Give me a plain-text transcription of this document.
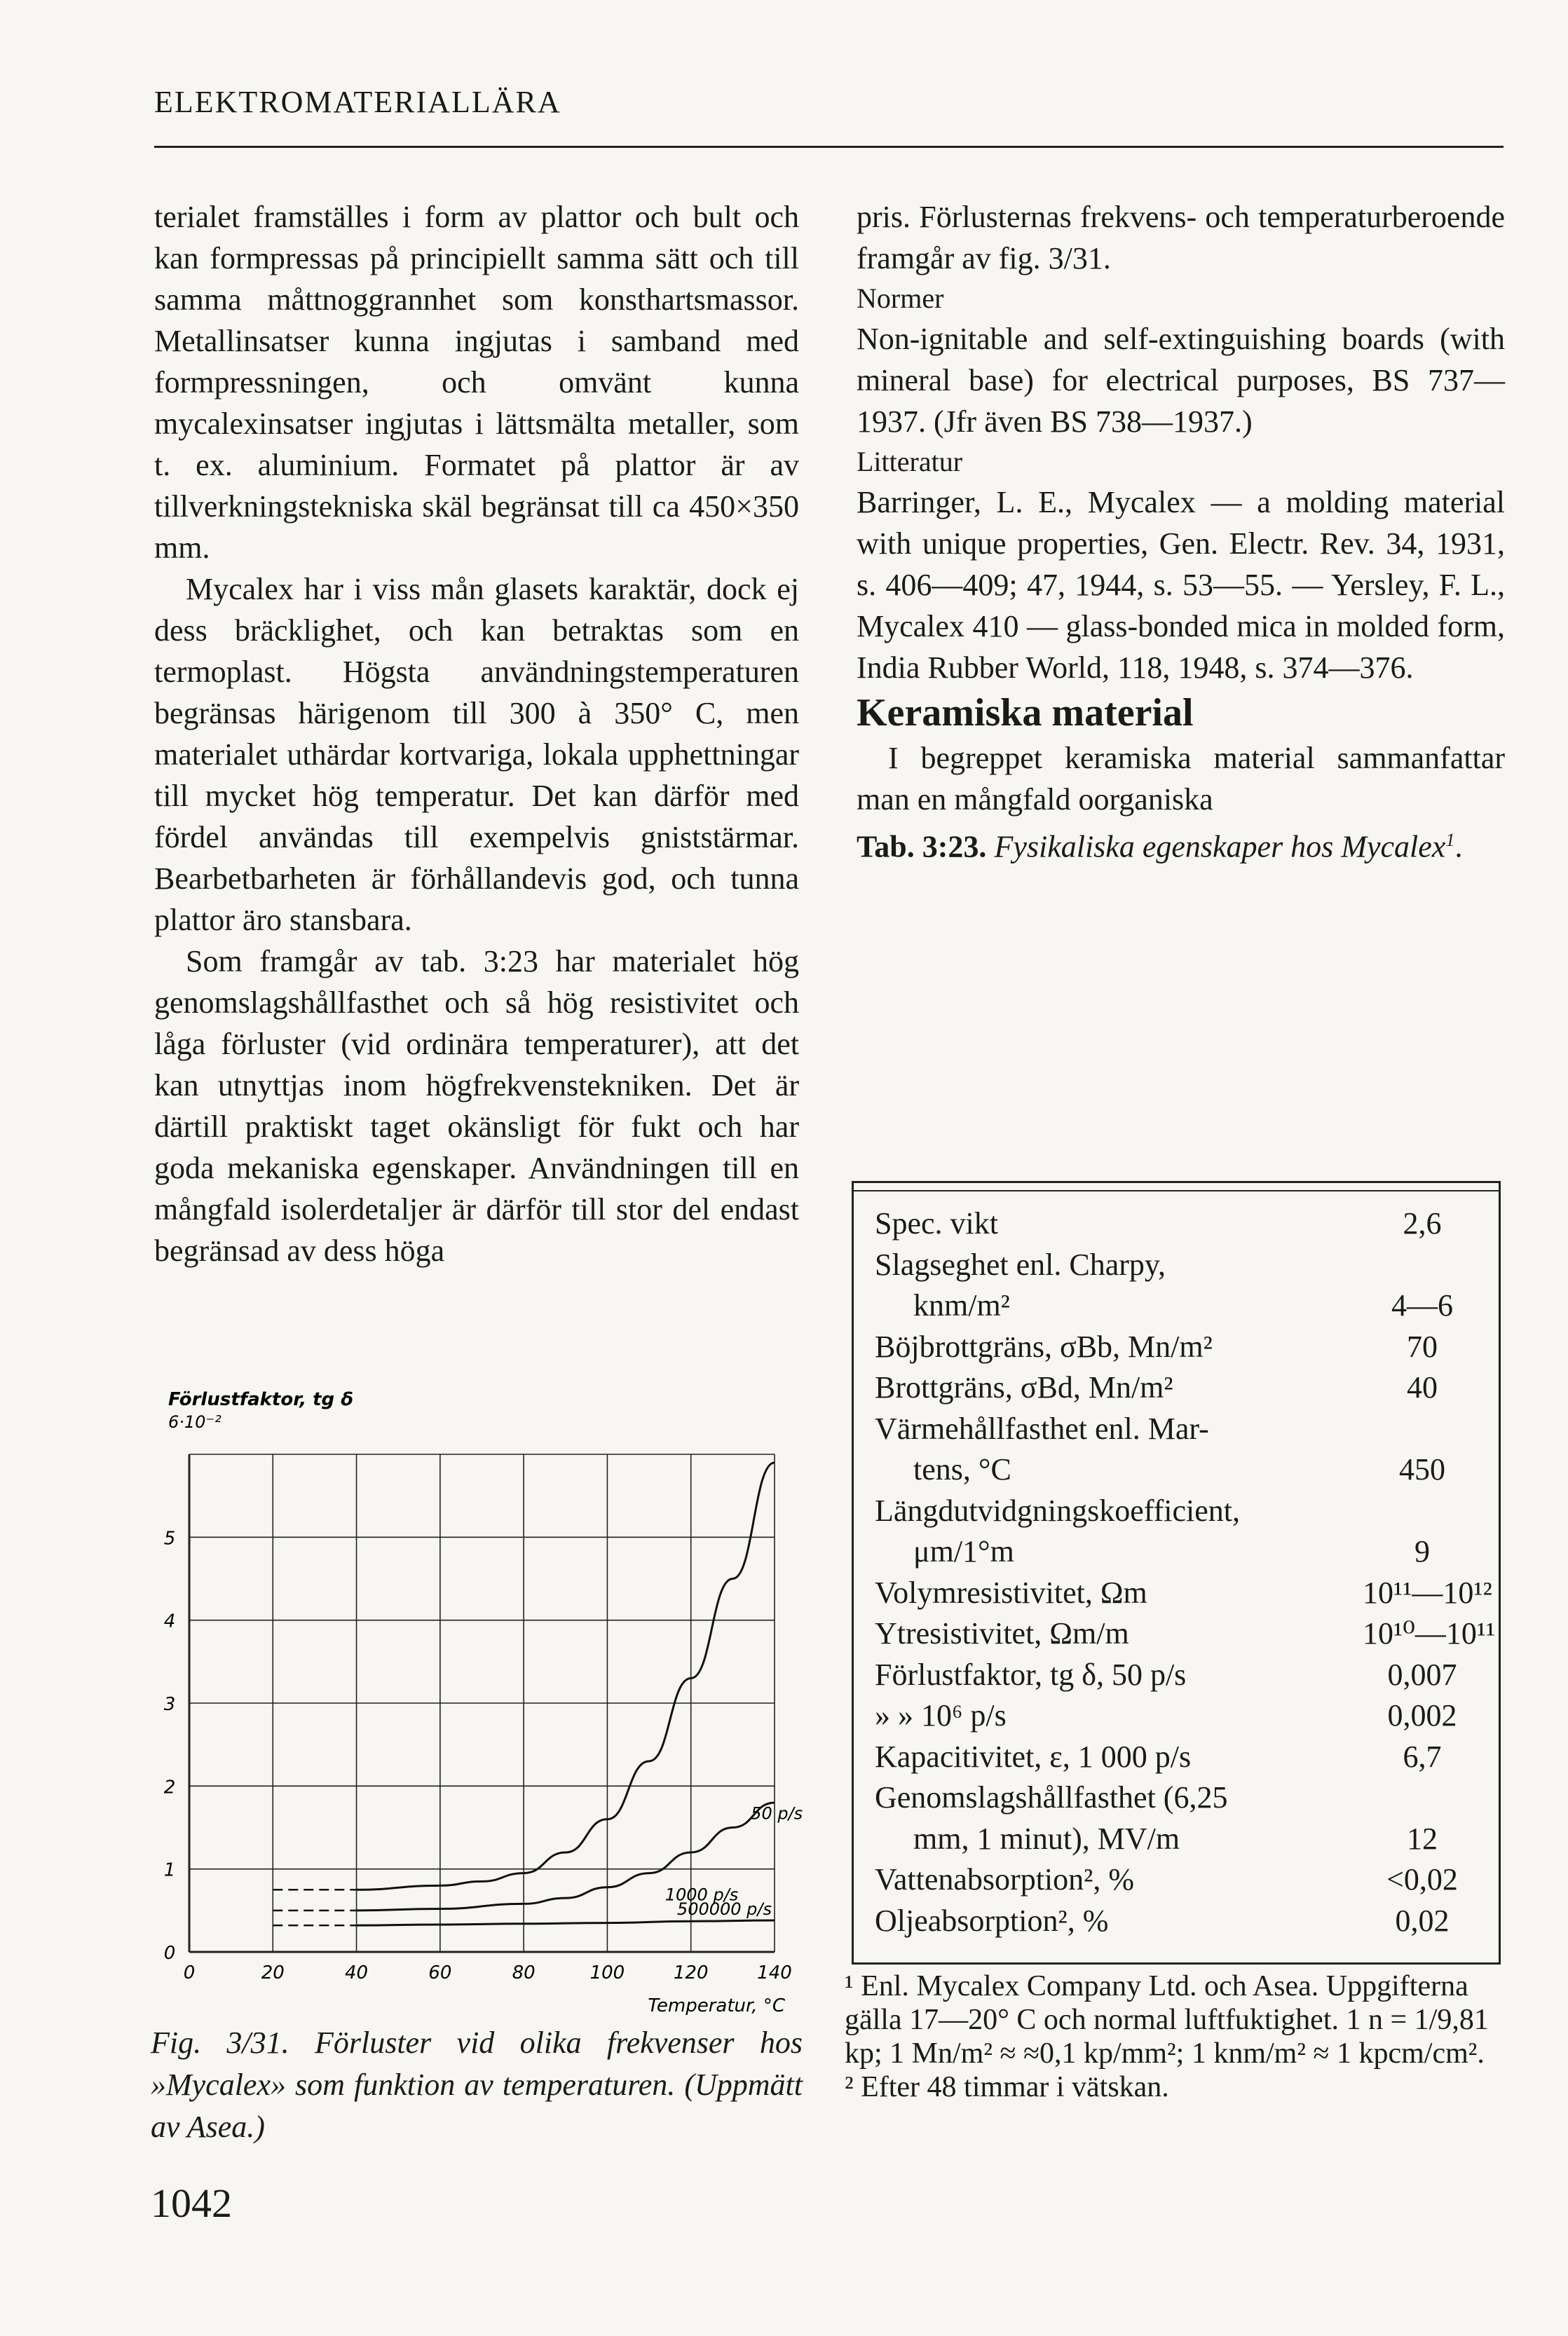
ELEKTROMATERIALLÄRA

terialet framställes i form av plattor och bult och kan formpressas på principiellt samma sätt och till samma måttnoggrannhet som konsthartsmassor. Metallinsatser kunna ingjutas i samband med formpressningen, och omvänt kunna mycalexinsatser ingjutas i lättsmälta metaller, som t. ex. aluminium. Formatet på plattor är av tillverkningstekniska skäl begränsat till ca 450×350 mm.

Mycalex har i viss mån glasets karaktär, dock ej dess bräcklighet, och kan betraktas som en termoplast. Högsta användningstemperaturen begränsas härigenom till 300 à 350° C, men materialet uthärdar kortvariga, lokala upphettningar till mycket hög temperatur. Det kan därför med fördel användas till exempelvis gniststärmar. Bearbetbarheten är förhållandevis god, och tunna plattor äro stansbara.

Som framgår av tab. 3:23 har materialet hög genomslagshållfasthet och så hög resistivitet och låga förluster (vid ordinära temperaturer), att det kan utnyttjas inom högfrekvenstekniken. Det är därtill praktiskt taget okänsligt för fukt och har goda mekaniska egenskaper. Användningen till en mångfald isolerdetaljer är därför till stor del endast begränsad av dess höga

pris. Förlusternas frekvens- och temperaturberoende framgår av fig. 3/31.

Normer

Non-ignitable and self-extinguishing boards (with mineral base) for electrical purposes, BS 737—1937. (Jfr även BS 738—1937.)

Litteratur

Barringer, L. E., Mycalex — a molding material with unique properties, Gen. Electr. Rev. 34, 1931, s. 406—409; 47, 1944, s. 53—55. — Yersley, F. L., Mycalex 410 — glass-bonded mica in molded form, India Rubber World, 118, 1948, s. 374—376.

Keramiska material

I begreppet keramiska material sammanfattar man en mångfald oorganiska

Tab. 3:23. Fysikaliska egenskaper hos Mycalex$^1$.

Spec. vikt	2,6
Slagseghet enl. Charpy,
knm/m²	4—6
Böjbrottgräns, σBb, Mn/m²	70
Brottgräns, σBd, Mn/m²	40
Värmehållfasthet enl. Mar-
tens, °C	450
Längdutvidgningskoefficient,
μm/1°m	9
Volymresistivitet, Ωm	10¹¹—10¹²
Ytresistivitet, Ωm/m	10¹⁰—10¹¹
Förlustfaktor, tg δ, 50 p/s	0,007
» » 10⁶ p/s	0,002
Kapacitivitet, ε, 1 000 p/s	6,7
Genomslagshållfasthet (6,25
mm, 1 minut), MV/m	12
Vattenabsorption², %	<0,02
Oljeabsorption², %	0,02

¹ Enl. Mycalex Company Ltd. och Asea. Uppgifterna gälla 17—20° C och normal luftfuktighet. 1 n = 1/9,81 kp; 1 Mn/m² ≈ ≈0,1 kp/mm²; 1 knm/m² ≈ 1 kpcm/cm².

² Efter 48 timmar i vätskan.

0	20	40	60	80	100	120	140
0
1
2
3
4
5
Förlustfaktor, tg δ
6·10⁻²
Temperatur, °C
50 p/s
1000 p/s
500000 p/s
Fig. 3/31. Förluster vid olika frekvenser hos »Mycalex» som funktion av temperaturen. (Uppmätt av Asea.)
1042
